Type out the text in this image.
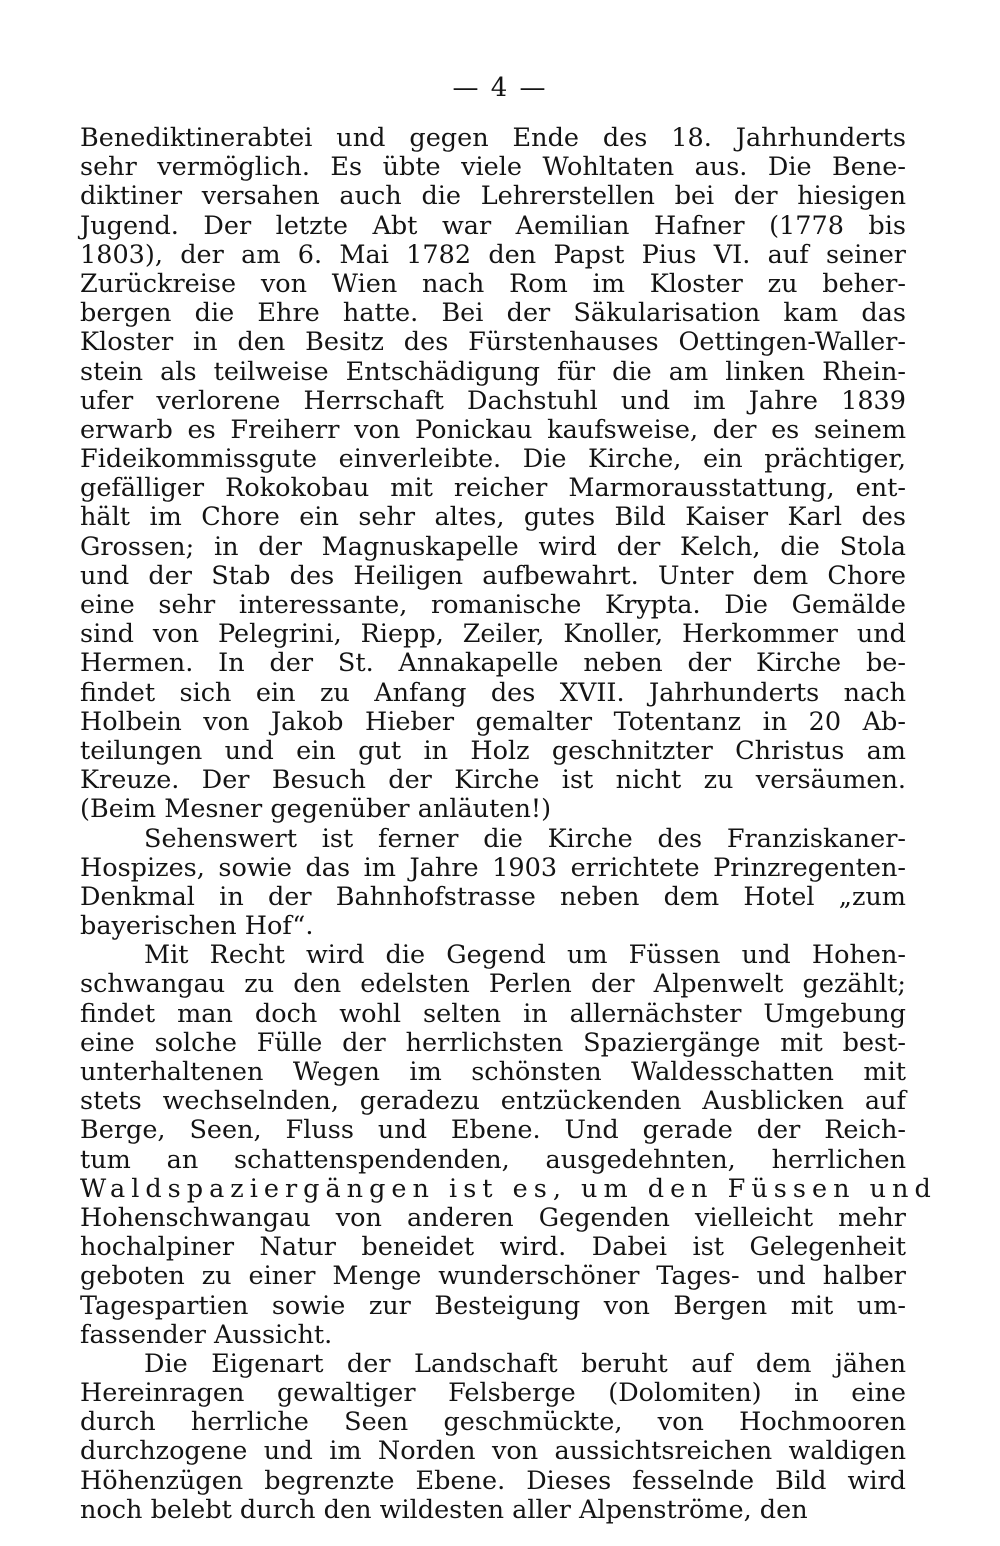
— 4 —
Benediktinerabtei und gegen Ende des 18. Jahrhunderts
sehr vermöglich. Es übte viele Wohltaten aus. Die Bene-
diktiner versahen auch die Lehrerstellen bei der hiesigen
Jugend. Der letzte Abt war Aemilian Hafner (1778 bis
1803), der am 6. Mai 1782 den Papst Pius VI. auf seiner
Zurückreise von Wien nach Rom im Kloster zu beher-
bergen die Ehre hatte. Bei der Säkularisation kam das
Kloster in den Besitz des Fürstenhauses Oettingen-Waller-
stein als teilweise Entschädigung für die am linken Rhein-
ufer verlorene Herrschaft Dachstuhl und im Jahre 1839
erwarb es Freiherr von Ponickau kaufsweise, der es seinem
Fideikommissgute einverleibte. Die Kirche, ein prächtiger,
gefälliger Rokokobau mit reicher Marmorausstattung, ent-
hält im Chore ein sehr altes, gutes Bild Kaiser Karl des
Grossen; in der Magnuskapelle wird der Kelch, die Stola
und der Stab des Heiligen aufbewahrt. Unter dem Chore
eine sehr interessante, romanische Krypta. Die Gemälde
sind von Pelegrini, Riepp, Zeiler, Knoller, Herkommer und
Hermen. In der St. Annakapelle neben der Kirche be-
findet sich ein zu Anfang des XVII. Jahrhunderts nach
Holbein von Jakob Hieber gemalter Totentanz in 20 Ab-
teilungen und ein gut in Holz geschnitzter Christus am
Kreuze. Der Besuch der Kirche ist nicht zu versäumen.
(Beim Mesner gegenüber anläuten!)
Sehenswert ist ferner die Kirche des Franziskaner-
Hospizes, sowie das im Jahre 1903 errichtete Prinzregenten-
Denkmal in der Bahnhofstrasse neben dem Hotel „zum
bayerischen Hof“.
Mit Recht wird die Gegend um Füssen und Hohen-
schwangau zu den edelsten Perlen der Alpenwelt gezählt;
findet man doch wohl selten in allernächster Umgebung
eine solche Fülle der herrlichsten Spaziergänge mit best-
unterhaltenen Wegen im schönsten Waldesschatten mit
stets wechselnden, geradezu entzückenden Ausblicken auf
Berge, Seen, Fluss und Ebene. Und gerade der Reich-
tum an schattenspendenden, ausgedehnten, herrlichen
Waldspaziergängen ist es, um den Füssen und
Hohenschwangau von anderen Gegenden vielleicht mehr
hochalpiner Natur beneidet wird. Dabei ist Gelegenheit
geboten zu einer Menge wunderschöner Tages- und halber
Tagespartien sowie zur Besteigung von Bergen mit um-
fassender Aussicht.
Die Eigenart der Landschaft beruht auf dem jähen
Hereinragen gewaltiger Felsberge (Dolomiten) in eine
durch herrliche Seen geschmückte, von Hochmooren
durchzogene und im Norden von aussichtsreichen waldigen
Höhenzügen begrenzte Ebene. Dieses fesselnde Bild wird
noch belebt durch den wildesten aller Alpenströme, den
